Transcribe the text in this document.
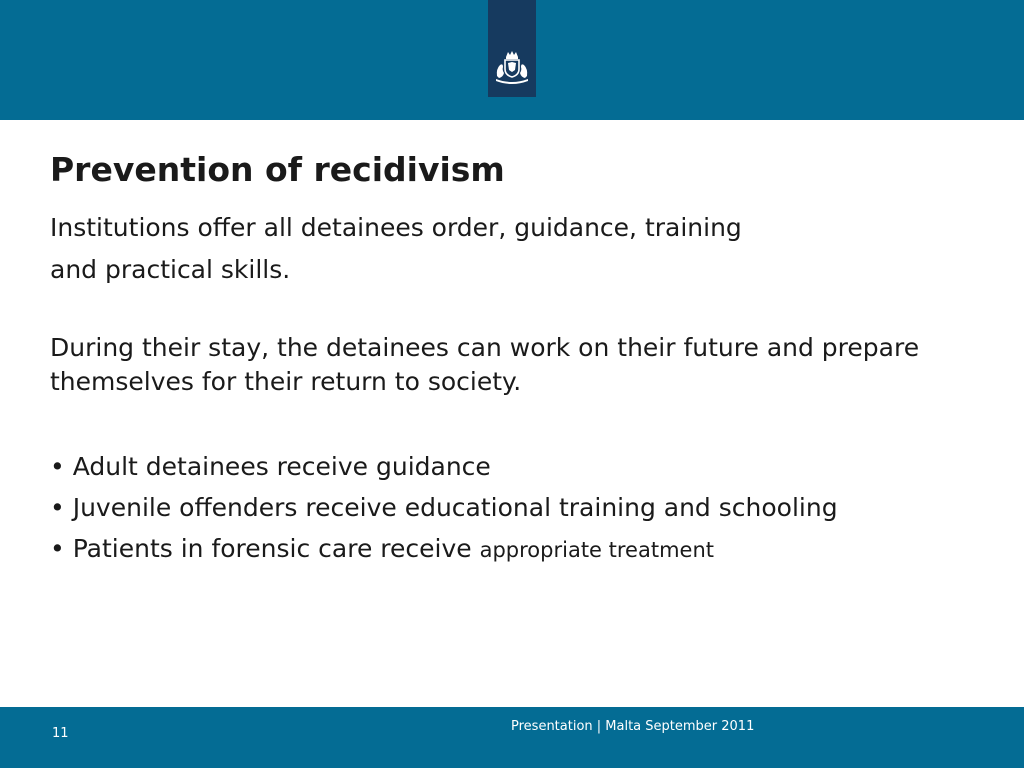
Prevention of recidivism
Institutions offer all detainees order, guidance, training
and practical skills.

During their stay, the detainees can work on their future and prepare themselves for their return to society.

• Adult detainees receive guidance
• Juvenile offenders receive educational training and schooling
• Patients in forensic care receive appropriate treatment
11	Presentation | Malta September 2011
